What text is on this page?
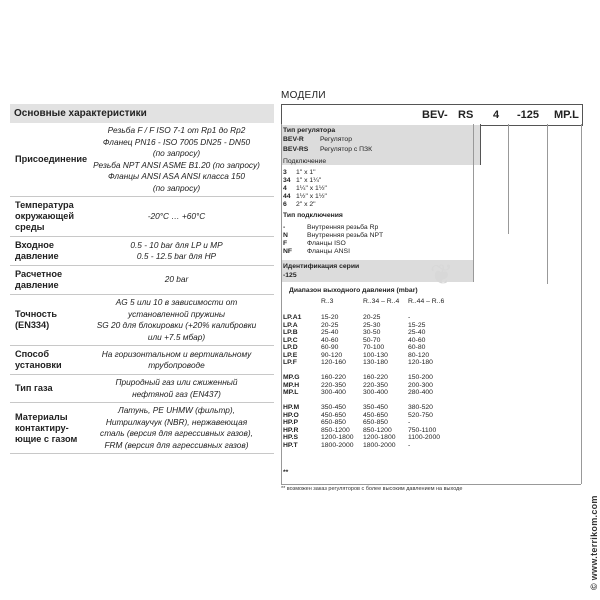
Основные характеристики
Присоединение
Резьба F / F ISO 7-1 от Rp1 до Rp2
Фланец PN16 - ISO 7005 DN25 - DN50
(по запросу)
Резьба NPT ANSI ASME B1.20 (по запросу)
Фланцы ANSI ASA ANSI класса 150
(по запросу)
Температура
окружающей
среды
-20°C … +60°C
Входное
давление
0.5 - 10 bar для LP и MP
0.5 - 12.5 bar для HP
Расчетное
давление
20 bar
Точность
(EN334)
AG 5 или 10 в зависимости от
установленной пружины
SG 20 для блокировки (+20% калибровки
или +7.5 мбар)
Способ
установки
На горизонтальном и вертикальному
трубопроводе
Тип газа
Природный газ или сжиженный
нефтяной газ (EN437)
Материалы
контактиру-
ющие с газом
Латунь, PE UHMW (фильтр),
Нитрилкаучук (NBR), нержавеющая
сталь (версия для агрессивных газов),
FRM (версия для агрессивных газов)
МОДЕЛИ
BEV- RS 4 -125 MP.L
❦
Тип регулятора
BEV-R Регулятор
BEV-RS Регулятор с ПЗК
Подключение
3 1" x 1"
34 1" x 1¼"
4 1¼" x 1½"
44 1½" x 1½"
6 2" x 2"
Тип подключения
-	Внутренняя резьба Rp
N	Внутренняя резьба NPT
F	Фланцы ISO
NF Фланцы ANSI
Идентификация серии
-125
Диапазон выходного давления (mbar)
R..3	R..34 – R..4 R..44 – R..6
LP.A1	15-20	20-25	-
LP.A	20-25	25-30	15-25
LP.B	25-40	30-50	25-40
LP.C	40-60	50-70	40-60
LP.D	60-90	70-100	60-80
LP.E	90-120	100-130	80-120
LP.F	120-160	130-180	120-180
MP.G	160-220	160-220	150-200
MP.H	220-350	220-350	200-300
MP.L	300-400	300-400	280-400
HP.M	350-450	350-450	380-520
HP.O	450-650	450-650	520-750
HP.P	650-850	650-850	-
HP.R	850-1200 850-1200 750-1100
HP.S	1200-1800 1200-1800 1100-2000
HP.T	1800-2000 1800-2000 -
**
** возможен заказ регуляторов с более высоким давлением на выходе
© www.terrikom.com
